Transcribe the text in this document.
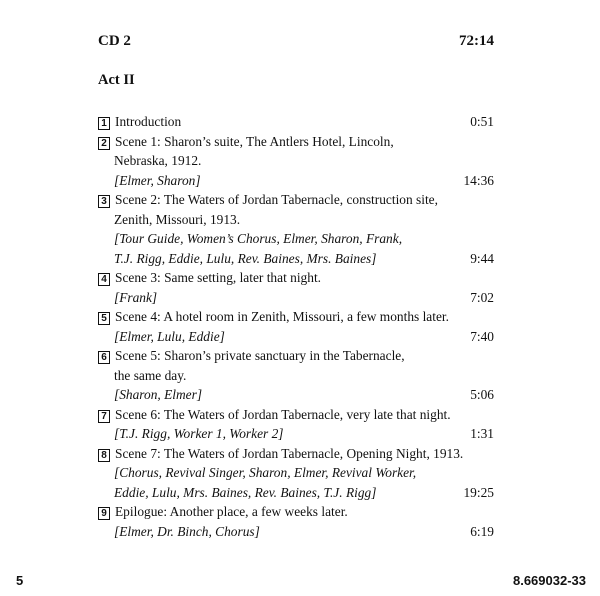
CD 2	72:14
Act II
1 Introduction	0:51
2 Scene 1: Sharon’s suite, The Antlers Hotel, Lincoln,
Nebraska, 1912.
[Elmer, Sharon]	14:36
3 Scene 2: The Waters of Jordan Tabernacle, construction site,
Zenith, Missouri, 1913.
[Tour Guide, Women’s Chorus, Elmer, Sharon, Frank,
T.J. Rigg, Eddie, Lulu, Rev. Baines, Mrs. Baines]	9:44
4 Scene 3: Same setting, later that night.
[Frank]	7:02
5 Scene 4: A hotel room in Zenith, Missouri, a few months later.
[Elmer, Lulu, Eddie]	7:40
6 Scene 5: Sharon’s private sanctuary in the Tabernacle,
the same day.
[Sharon, Elmer]	5:06
7 Scene 6: The Waters of Jordan Tabernacle, very late that night.
[T.J. Rigg, Worker 1, Worker 2]	1:31
8 Scene 7: The Waters of Jordan Tabernacle, Opening Night, 1913.
[Chorus, Revival Singer, Sharon, Elmer, Revival Worker,
Eddie, Lulu, Mrs. Baines, Rev. Baines, T.J. Rigg]	19:25
9 Epilogue: Another place, a few weeks later.
[Elmer, Dr. Binch, Chorus]	6:19
5	8.669032-33
